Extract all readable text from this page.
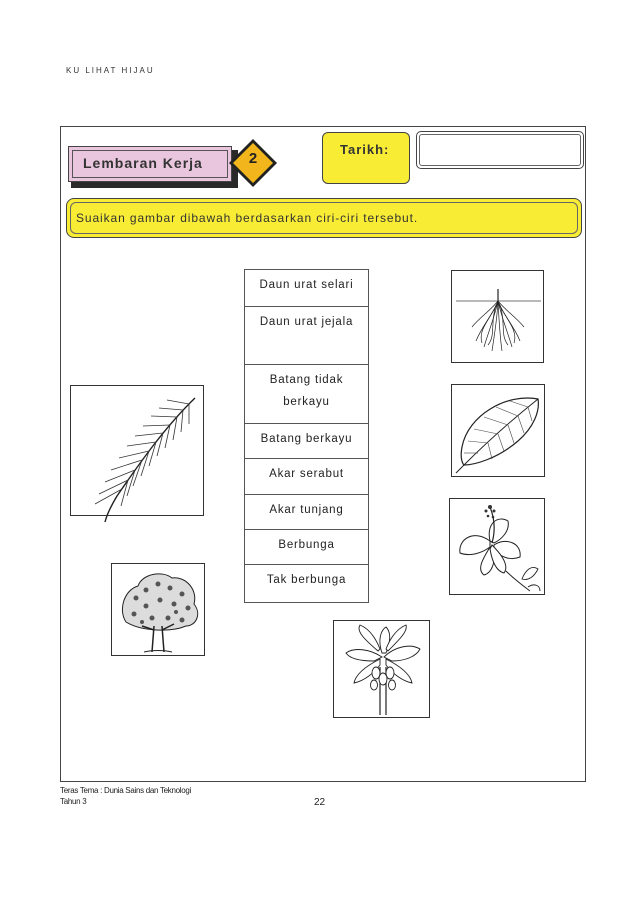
KU LIHAT HIJAU
Lembaran Kerja	2
Tarikh:
Suaikan gambar dibawah berdasarkan ciri-ciri tersebut.
Daun urat selari
Daun urat jejala
Batang tidak berkayu
Batang berkayu
Akar serabut
Akar tunjang
Berbunga
Tak berbunga
Teras Tema : Dunia Sains dan Teknologi
Tahun 3	22
